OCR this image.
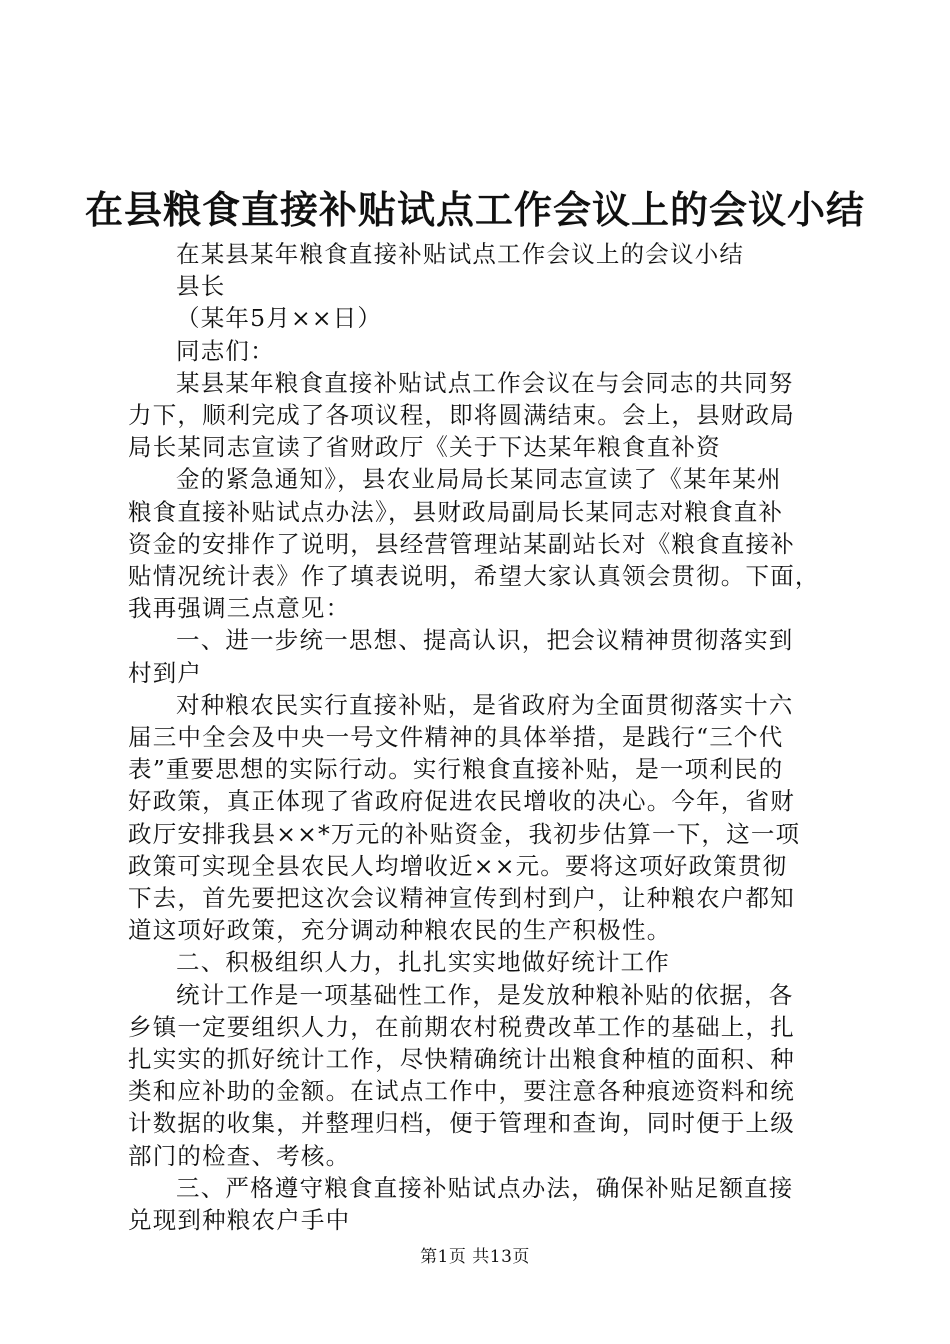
在县粮食直接补贴试点工作会议上的会议小结
在某县某年粮食直接补贴试点工作会议上的会议小结
县长
（某年5月××日）
同志们：
某县某年粮食直接补贴试点工作会议在与会同志的共同努
力下，顺利完成了各项议程，即将圆满结束。会上，县财政局
局长某同志宣读了省财政厅《关于下达某年粮食直补资
金的紧急通知》，县农业局局长某同志宣读了《某年某州
粮食直接补贴试点办法》，县财政局副局长某同志对粮食直补
资金的安排作了说明，县经营管理站某副站长对《粮食直接补
贴情况统计表》作了填表说明，希望大家认真领会贯彻。下面，
我再强调三点意见：
一、进一步统一思想、提高认识，把会议精神贯彻落实到
村到户
对种粮农民实行直接补贴，是省政府为全面贯彻落实十六
届三中全会及中央一号文件精神的具体举措，是践行“三个代
表”重要思想的实际行动。实行粮食直接补贴，是一项利民的
好政策，真正体现了省政府促进农民增收的决心。今年，省财
政厅安排我县××*万元的补贴资金，我初步估算一下，这一项
政策可实现全县农民人均增收近××元。要将这项好政策贯彻
下去，首先要把这次会议精神宣传到村到户，让种粮农户都知
道这项好政策，充分调动种粮农民的生产积极性。
二、积极组织人力，扎扎实实地做好统计工作
统计工作是一项基础性工作，是发放种粮补贴的依据，各
乡镇一定要组织人力，在前期农村税费改革工作的基础上，扎
扎实实的抓好统计工作，尽快精确统计出粮食种植的面积、种
类和应补助的金额。在试点工作中，要注意各种痕迹资料和统
计数据的收集，并整理归档，便于管理和查询，同时便于上级
部门的检查、考核。
三、严格遵守粮食直接补贴试点办法，确保补贴足额直接
兑现到种粮农户手中
第1页 共13页
